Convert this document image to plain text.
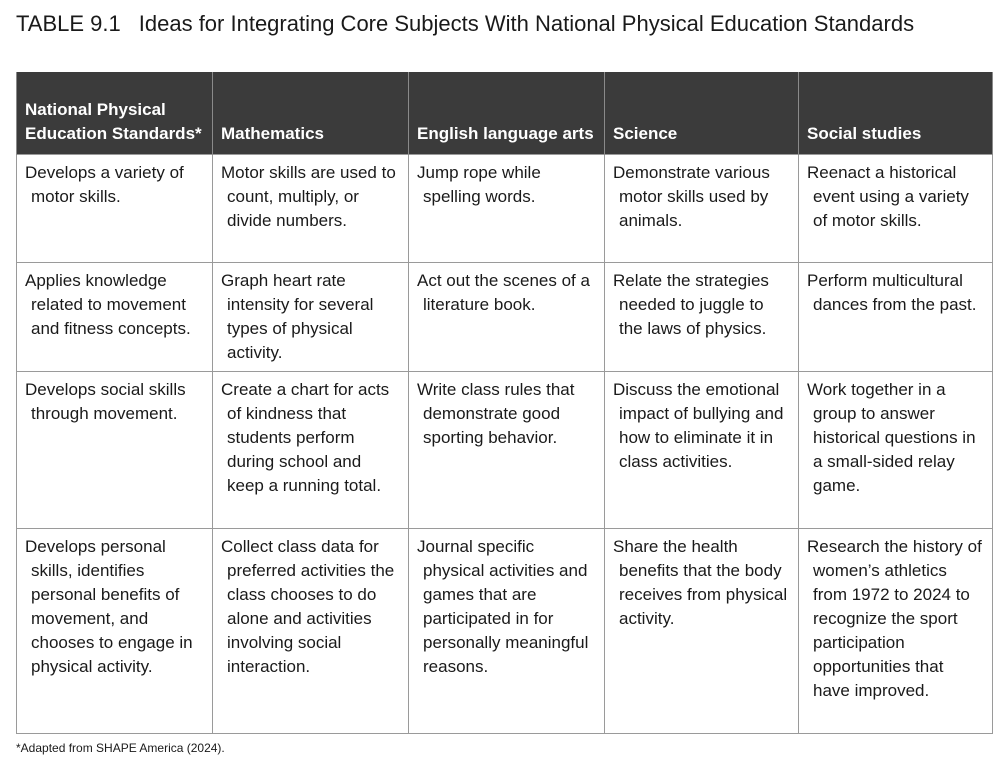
TABLE 9.1 Ideas for Integrating Core Subjects With National Physical Education Standards
National Physical Education Standards*	Mathematics	English language arts	Science	Social studies

Develops a variety of motor skills.	Motor skills are used to count, multiply, or divide numbers.	Jump rope while spelling words.	Demonstrate various motor skills used by animals.	Reenact a historical event using a variety of motor skills.

Applies knowledge related to movement and fitness concepts.	Graph heart rate intensity for several types of physical activity.	Act out the scenes of a literature book.	Relate the strategies needed to juggle to the laws of physics.	Perform multicultural dances from the past.

Develops social skills through movement.	Create a chart for acts of kindness that students perform during school and keep a running total.	Write class rules that demonstrate good sporting behavior.	Discuss the emotional impact of bullying and how to eliminate it in class activities.	Work together in a group to answer historical questions in a small-sided relay game.

Develops personal skills, identifies personal benefits of movement, and chooses to engage in physical activity.	Collect class data for preferred activities the class chooses to do alone and activities involving social interaction.	Journal specific physical activities and games that are participated in for personally meaningful reasons.	Share the health benefits that the body receives from physical activity.	Research the history of women’s athletics from 1972 to 2024 to recognize the sport participation opportunities that have improved.
*Adapted from SHAPE America (2024).
